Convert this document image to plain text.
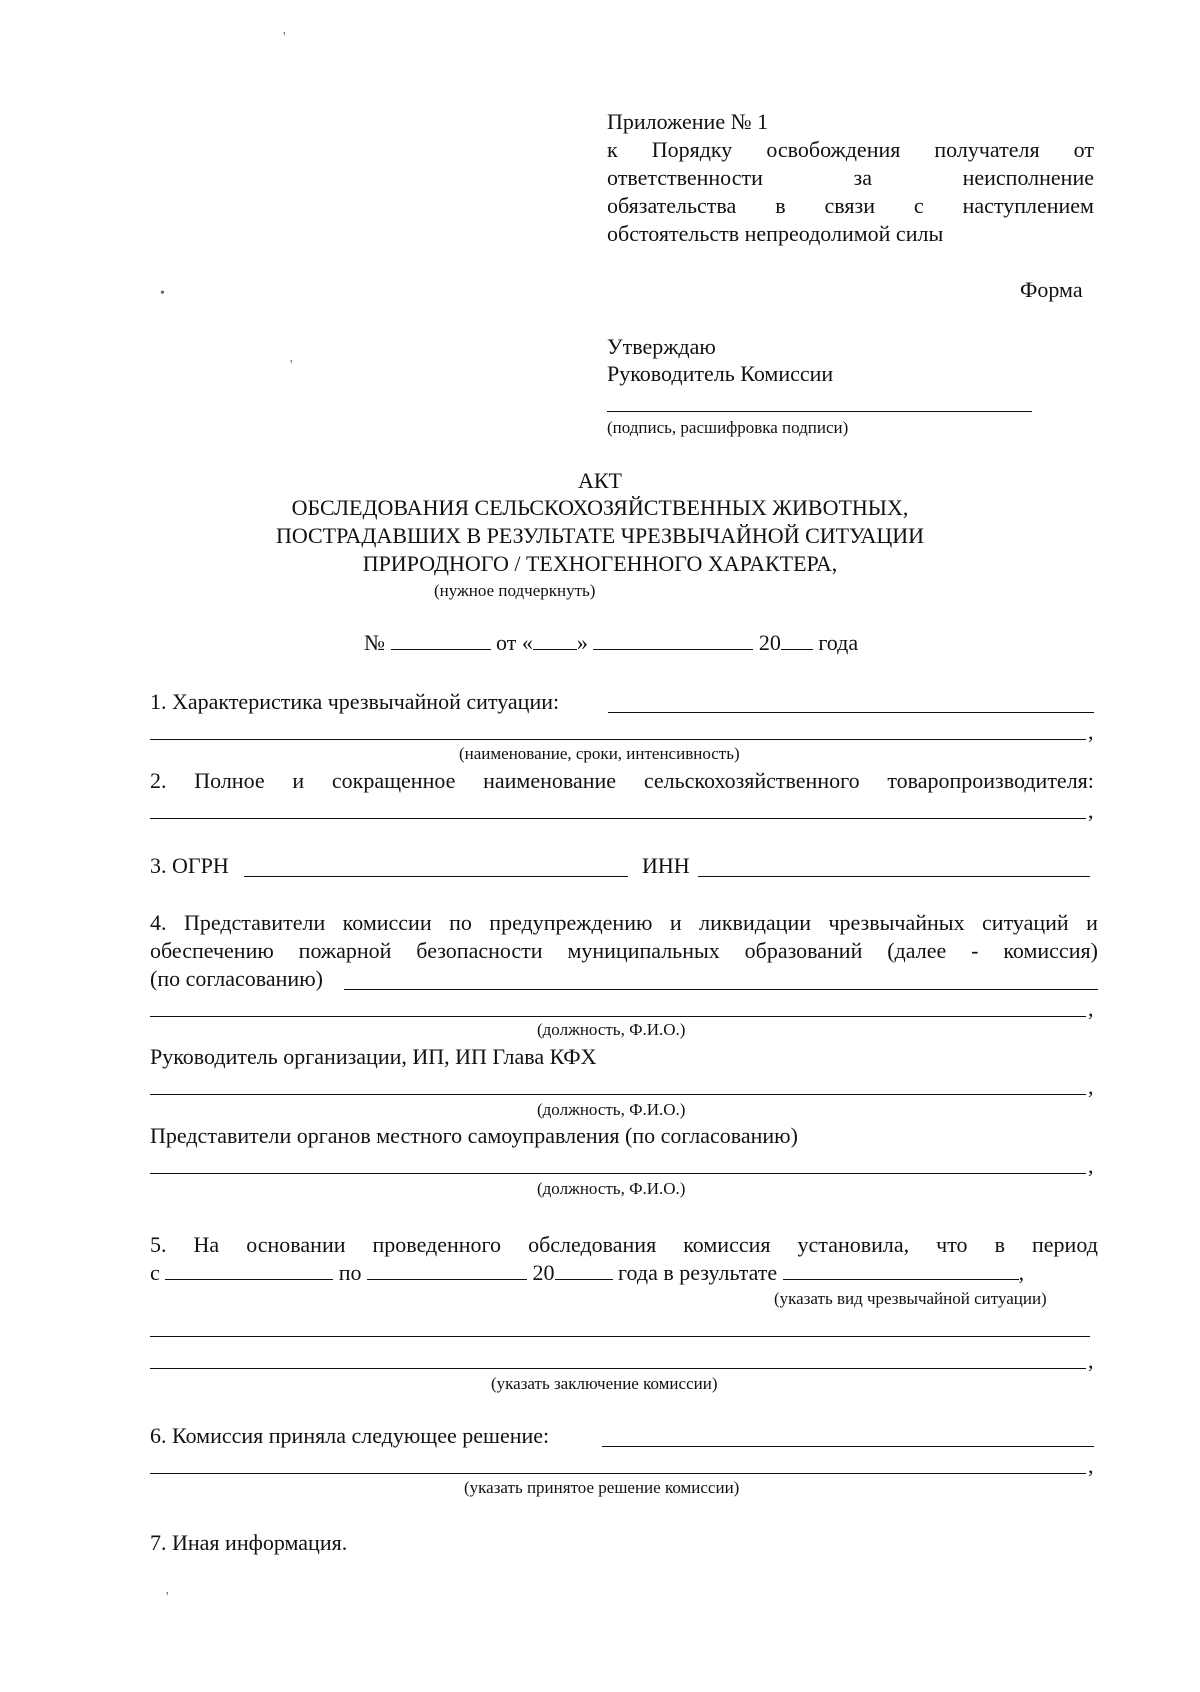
'
•
'
'
Приложение № 1
к Порядку освобождения получателя от
ответственности	за	неисполнение
обязательства в связи с наступлением
обстоятельств непреодолимой силы
Форма
Утверждаю
Руководитель Комиссии
(подпись, расшифровка подписи)
АКТ
ОБСЛЕДОВАНИЯ СЕЛЬСКОХОЗЯЙСТВЕННЫХ ЖИВОТНЫХ,
ПОСТРАДАВШИХ В РЕЗУЛЬТАТЕ ЧРЕЗВЫЧАЙНОЙ СИТУАЦИИ
ПРИРОДНОГО / ТЕХНОГЕННОГО ХАРАКТЕРА,
(нужное подчеркнуть)
№	от « »	20 года
1. Характеристика чрезвычайной ситуации:
,
(наименование, сроки, интенсивность)
2. Полное и сокращенное наименование сельскохозяйственного товаропроизводителя:
,
3. ОГРН	ИНН
4. Представители комиссии по предупреждению и ликвидации чрезвычайных ситуаций и
обеспечению пожарной безопасности муниципальных образований (далее - комиссия)
(по согласованию)
,
(должность, Ф.И.О.)
Руководитель организации, ИП, ИП Глава КФХ
,
(должность, Ф.И.О.)
Представители органов местного самоуправления (по согласованию)
,
(должность, Ф.И.О.)
5. На основании проведенного обследования комиссия установила, что в период
с	по	20	года в результате	,
(указать вид чрезвычайной ситуации)
,
(указать заключение комиссии)
6. Комиссия приняла следующее решение:
,
(указать принятое решение комиссии)
7. Иная информация.
